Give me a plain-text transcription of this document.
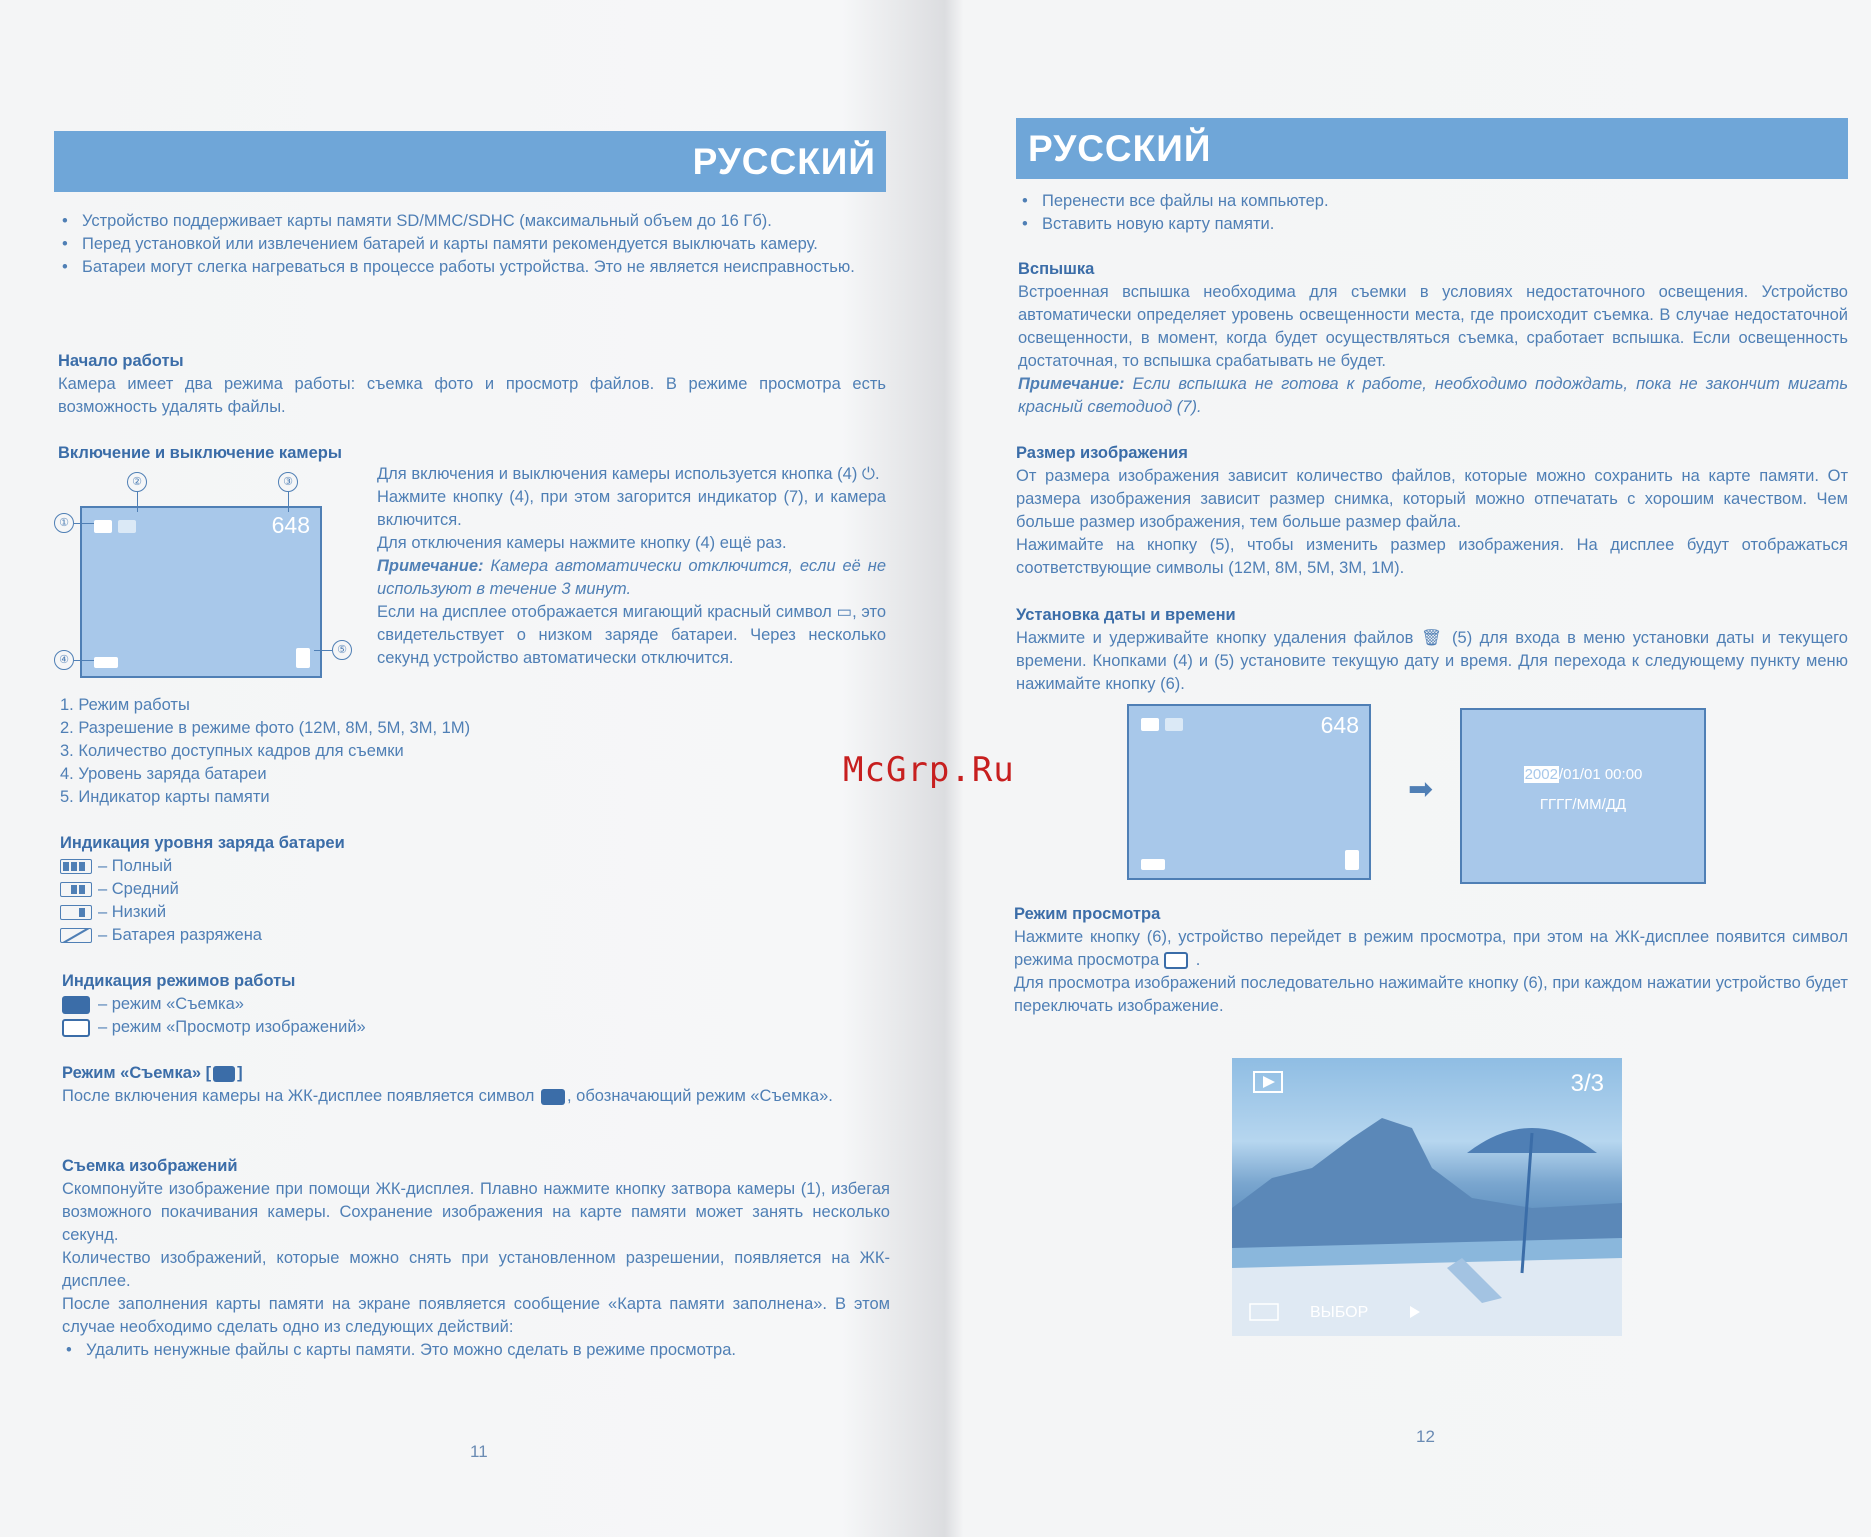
РУССКИЙ
• Устройство поддерживает карты памяти SD/MMC/SDHC (максимальный объем до 16 Гб).
• Перед установкой или извлечением батарей и карты памяти рекомендуется выключать камеру.
• Батареи могут слегка нагреваться в процессе работы устройства. Это не является неисправностью.
Начало работы

Камера имеет два режима работы: съемка фото и просмотр файлов. В режиме просмотра есть возможность удалять файлы.

Включение и выключение камеры
648
①
②	③
④
⑤

Для включения и выключения камеры используется кнопка (4) ⏻.

Нажмите кнопку (4), при этом загорится индикатор (7), и камера включится.

Для отключения камеры нажмите кнопку (4) ещё раз.

Примечание: Камера автоматически отключится, если её не используют в течение 3 минут.

Если на дисплее отображается мигающий красный символ ▭, это свидетельствует о низком заряде батареи. Через несколько секунд устройство автоматически отключится.

1. Режим работы
2. Разрешение в режиме фото (12M, 8M, 5M, 3M, 1M)
3. Количество доступных кадров для съемки
4. Уровень заряда батареи
5. Индикатор карты памяти
Индикация уровня заряда батареи
– Полный
– Средний
– Низкий
– Батарея разряжена
Индикация режимов работы
– режим «Съемка»
– режим «Просмотр изображений»
Режим «Съемка» [ ]

После включения камеры на ЖК-дисплее появляется символ , обозначающий режим «Съемка».

Съемка изображений

Скомпонуйте изображение при помощи ЖК-дисплея. Плавно нажмите кнопку затвора камеры (1), избегая возможного покачивания камеры. Сохранение изображения на карте памяти может занять несколько секунд.

Количество изображений, которые можно снять при установленном разрешении, появляется на ЖК-дисплее.

После заполнения карты памяти на экране появляется сообщение «Карта памяти заполнена». В этом случае необходимо сделать одно из следующих действий:

• Удалить ненужные файлы с карты памяти. Это можно сделать в режиме просмотра.
11
РУССКИЙ
• Перенести все файлы на компьютер.
• Вставить новую карту памяти.
Вспышка

Встроенная вспышка необходима для съемки в условиях недостаточного освещения. Устройство автоматически определяет уровень освещенности места, где происходит съемка. В случае недостаточной освещенности, в момент, когда будет осуществляться съемка, сработает вспышка. Если освещенность достаточная, то вспышка срабатывать не будет.

Примечание: Если вспышка не готова к работе, необходимо подождать, пока не закончит мигать красный светодиод (7).

Размер изображения

От размера изображения зависит количество файлов, которые можно сохранить на карте памяти. От размера изображения зависит размер снимка, который можно отпечатать с хорошим качеством. Чем больше размер изображения, тем больше размер файла.

Нажимайте на кнопку (5), чтобы изменить размер изображения. На дисплее будут отображаться соответствующие символы (12M, 8M, 5M, 3M, 1M).

Установка даты и времени

Нажмите и удерживайте кнопку удаления файлов 🗑 (5) для входа в меню установки даты и текущего времени. Кнопками (4) и (5) установите текущую дату и время. Для перехода к следующему пункту меню нажимайте кнопку (6).

648
➡	2002/01/01 00:00
ГГГГ/ММ/ДД
Режим просмотра

Нажмите кнопку (6), устройство перейдет в режим просмотра, при этом на ЖК-дисплее появится символ режима просмотра .

Для просмотра изображений последовательно нажимайте кнопку (6), при каждом нажатии устройство будет переключать изображение.

12
3/3
ВЫБОР
McGrp.Ru
